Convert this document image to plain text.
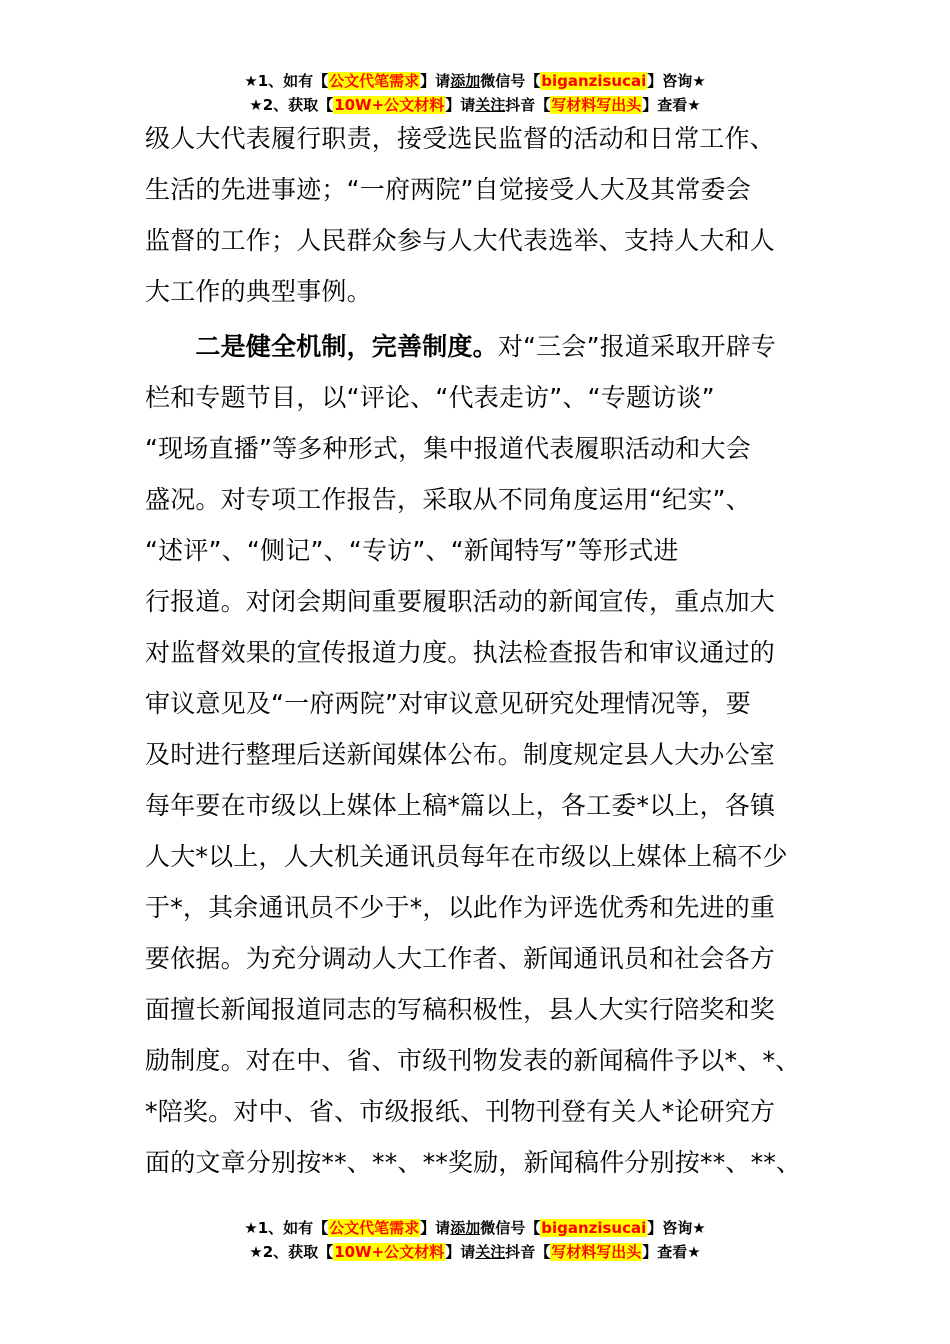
★1、如有【公文代笔需求】请添加微信号【biganzisucai】咨询★
★2、获取【10W+公文材料】请关注抖音【写材料写出头】查看★

级人大代表履行职责，接受选民监督的活动和日常工作、
生活的先进事迹；“一府两院”自觉接受人大及其常委会
监督的工作；人民群众参与人大代表选举、支持人大和人
大工作的典型事例。

　　二是健全机制，完善制度。对“三会”报道采取开辟专
栏和专题节目，以“评论、“代表走访”、“专题访谈”
“现场直播”等多种形式，集中报道代表履职活动和大会
盛况。对专项工作报告，采取从不同角度运用“纪实”、
“述评”、“侧记”、“专访”、“新闻特写”等形式进
行报道。对闭会期间重要履职活动的新闻宣传，重点加大
对监督效果的宣传报道力度。执法检查报告和审议通过的
审议意见及“一府两院”对审议意见研究处理情况等，要
及时进行整理后送新闻媒体公布。制度规定县人大办公室
每年要在市级以上媒体上稿*篇以上，各工委*以上，各镇
人大*以上，人大机关通讯员每年在市级以上媒体上稿不少
于*，其余通讯员不少于*，以此作为评选优秀和先进的重
要依据。为充分调动人大工作者、新闻通讯员和社会各方
面擅长新闻报道同志的写稿积极性，县人大实行陪奖和奖
励制度。对在中、省、市级刊物发表的新闻稿件予以*、*、
*陪奖。对中、省、市级报纸、刊物刊登有关人*论研究方
面的文章分别按**、**、**奖励，新闻稿件分别按**、**、

★1、如有【公文代笔需求】请添加微信号【biganzisucai】咨询★
★2、获取【10W+公文材料】请关注抖音【写材料写出头】查看★
